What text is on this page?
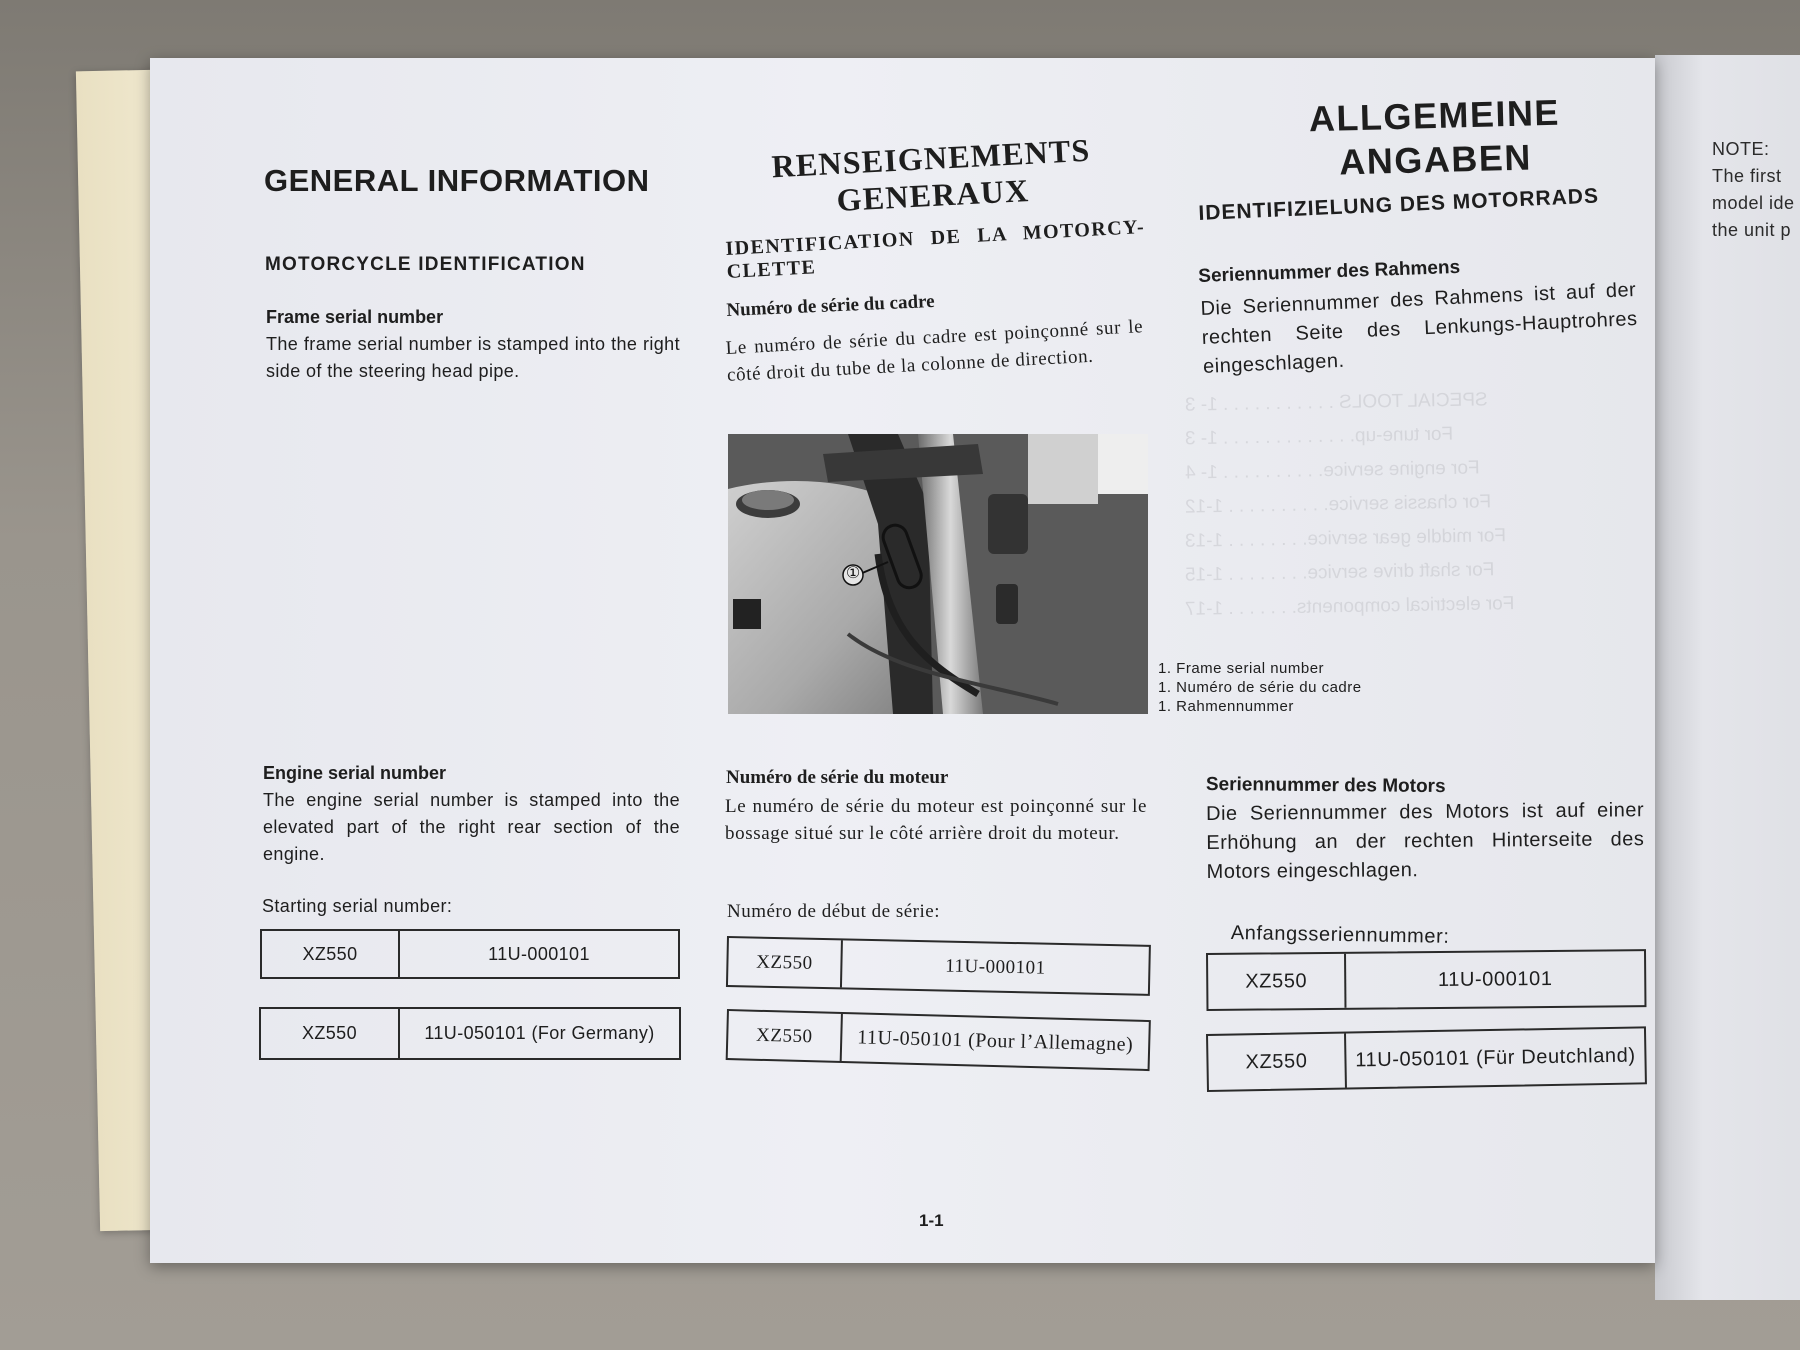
SPECIAL TOOLS . . . . . . . . . . . 1- 3
For tune-up. . . . . . . . . . . . . 1- 3
For engine service. . . . . . . . . . 1- 4
For chassis service. . . . . . . . . . 1-12
For middle gear service. . . . . . . . 1-13
For shaft drive service. . . . . . . . 1-15
For electrical components. . . . . . . 1-17
GENERAL INFORMATION
MOTORCYCLE IDENTIFICATION
Frame serial number
The frame serial number is stamped into the right side of the steering head pipe.
Engine serial number
The engine serial number is stamped into the elevated part of the right rear section of the engine.
Starting serial number:
XZ550	11U-000101
XZ550	11U-050101 (For Germany)
RENSEIGNEMENTS
GENERAUX
IDENTIFICATION DE LA MOTORCY-
CLETTE
Numéro de série du cadre
Le numéro de série du cadre est poinçonné sur le côté droit du tube de la colonne de direction.
Numéro de série du moteur
Le numéro de série du moteur est poinçonné sur le bossage situé sur le côté arrière droit du moteur.
Numéro de début de série:
XZ550	11U-000101
XZ550	11U-050101 (Pour l’Allemagne)
①
1. Frame serial number
1. Numéro de série du cadre
1. Rahmennummer
ALLGEMEINE
ANGABEN
IDENTIFIZIELUNG DES MOTORRADS
Seriennummer des Rahmens
Die Seriennummer des Rahmens ist auf der rechten Seite des Lenkungs-Hauptrohres eingeschlagen.
Seriennummer des Motors
Die Seriennummer des Motors ist auf einer Erhöhung an der rechten Hinterseite des Motors eingeschlagen.
Anfangsseriennummer:
XZ550	11U-000101
XZ550	11U-050101 (Für Deutchland)
NOTE:
The first
model ide
the unit p
1-1
